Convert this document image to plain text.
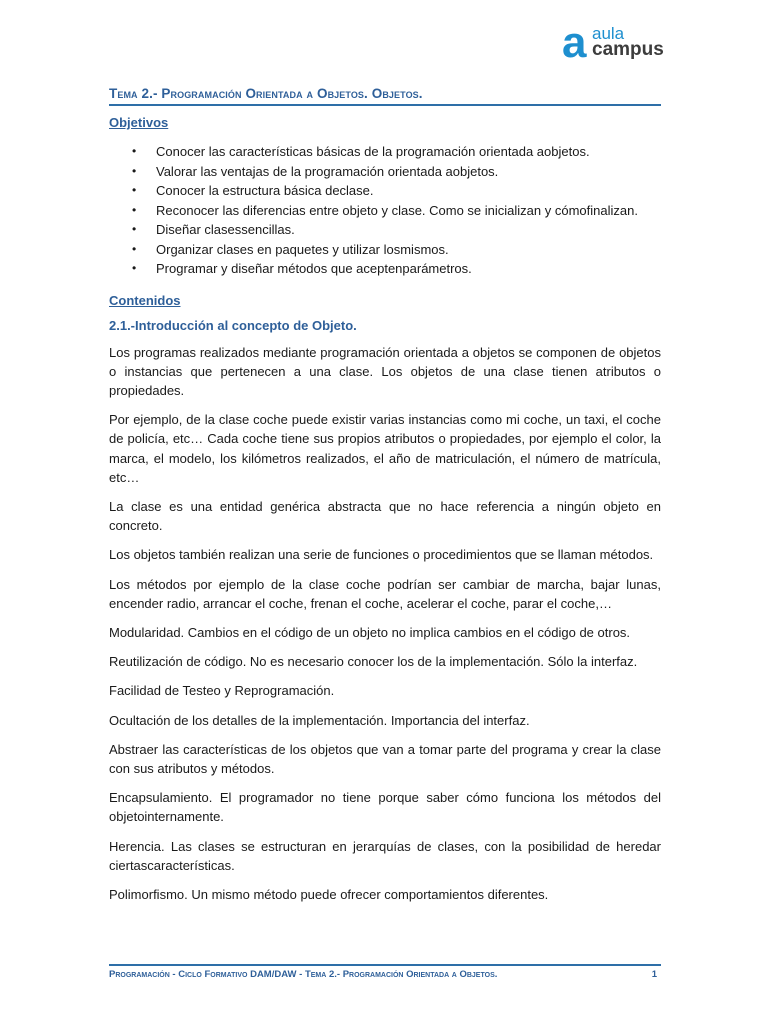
a aula
campus
Tema 2.- Programación Orientada a Objetos. Objetos.
Objetivos
• Conocer las características básicas de la programación orientada aobjetos.
• Valorar las ventajas de la programación orientada aobjetos.
• Conocer la estructura básica declase.
• Reconocer las diferencias entre objeto y clase. Como se inicializan y cómofinalizan.
• Diseñar clasessencillas.
• Organizar clases en paquetes y utilizar losmismos.
• Programar y diseñar métodos que aceptenparámetros.
Contenidos
2.1.-Introducción al concepto de Objeto.

Los programas realizados mediante programación orientada a objetos se componen de objetos o instancias que pertenecen a una clase. Los objetos de una clase tienen atributos o propiedades.

Por ejemplo, de la clase coche puede existir varias instancias como mi coche, un taxi, el coche de policía, etc… Cada coche tiene sus propios atributos o propiedades, por ejemplo el color, la marca, el modelo, los kilómetros realizados, el año de matriculación, el número de matrícula, etc…

La clase es una entidad genérica abstracta que no hace referencia a ningún objeto en concreto.

Los objetos también realizan una serie de funciones o procedimientos que se llaman métodos.

Los métodos por ejemplo de la clase coche podrían ser cambiar de marcha, bajar lunas, encender radio, arrancar el coche, frenan el coche, acelerar el coche, parar el coche,…

Modularidad. Cambios en el código de un objeto no implica cambios en el código de otros.

Reutilización de código. No es necesario conocer los de la implementación. Sólo la interfaz.

Facilidad de Testeo y Reprogramación.

Ocultación de los detalles de la implementación. Importancia del interfaz.

Abstraer las características de los objetos que van a tomar parte del programa y crear la clase con sus atributos y métodos.

Encapsulamiento. El programador no tiene porque saber cómo funciona los métodos del objetointernamente.

Herencia. Las clases se estructuran en jerarquías de clases, con la posibilidad de heredar ciertascaracterísticas.

Polimorfismo. Un mismo método puede ofrecer comportamientos diferentes.

Programación - Ciclo Formativo DAM/DAW - Tema 2.- Programación Orientada a Objetos.	1
